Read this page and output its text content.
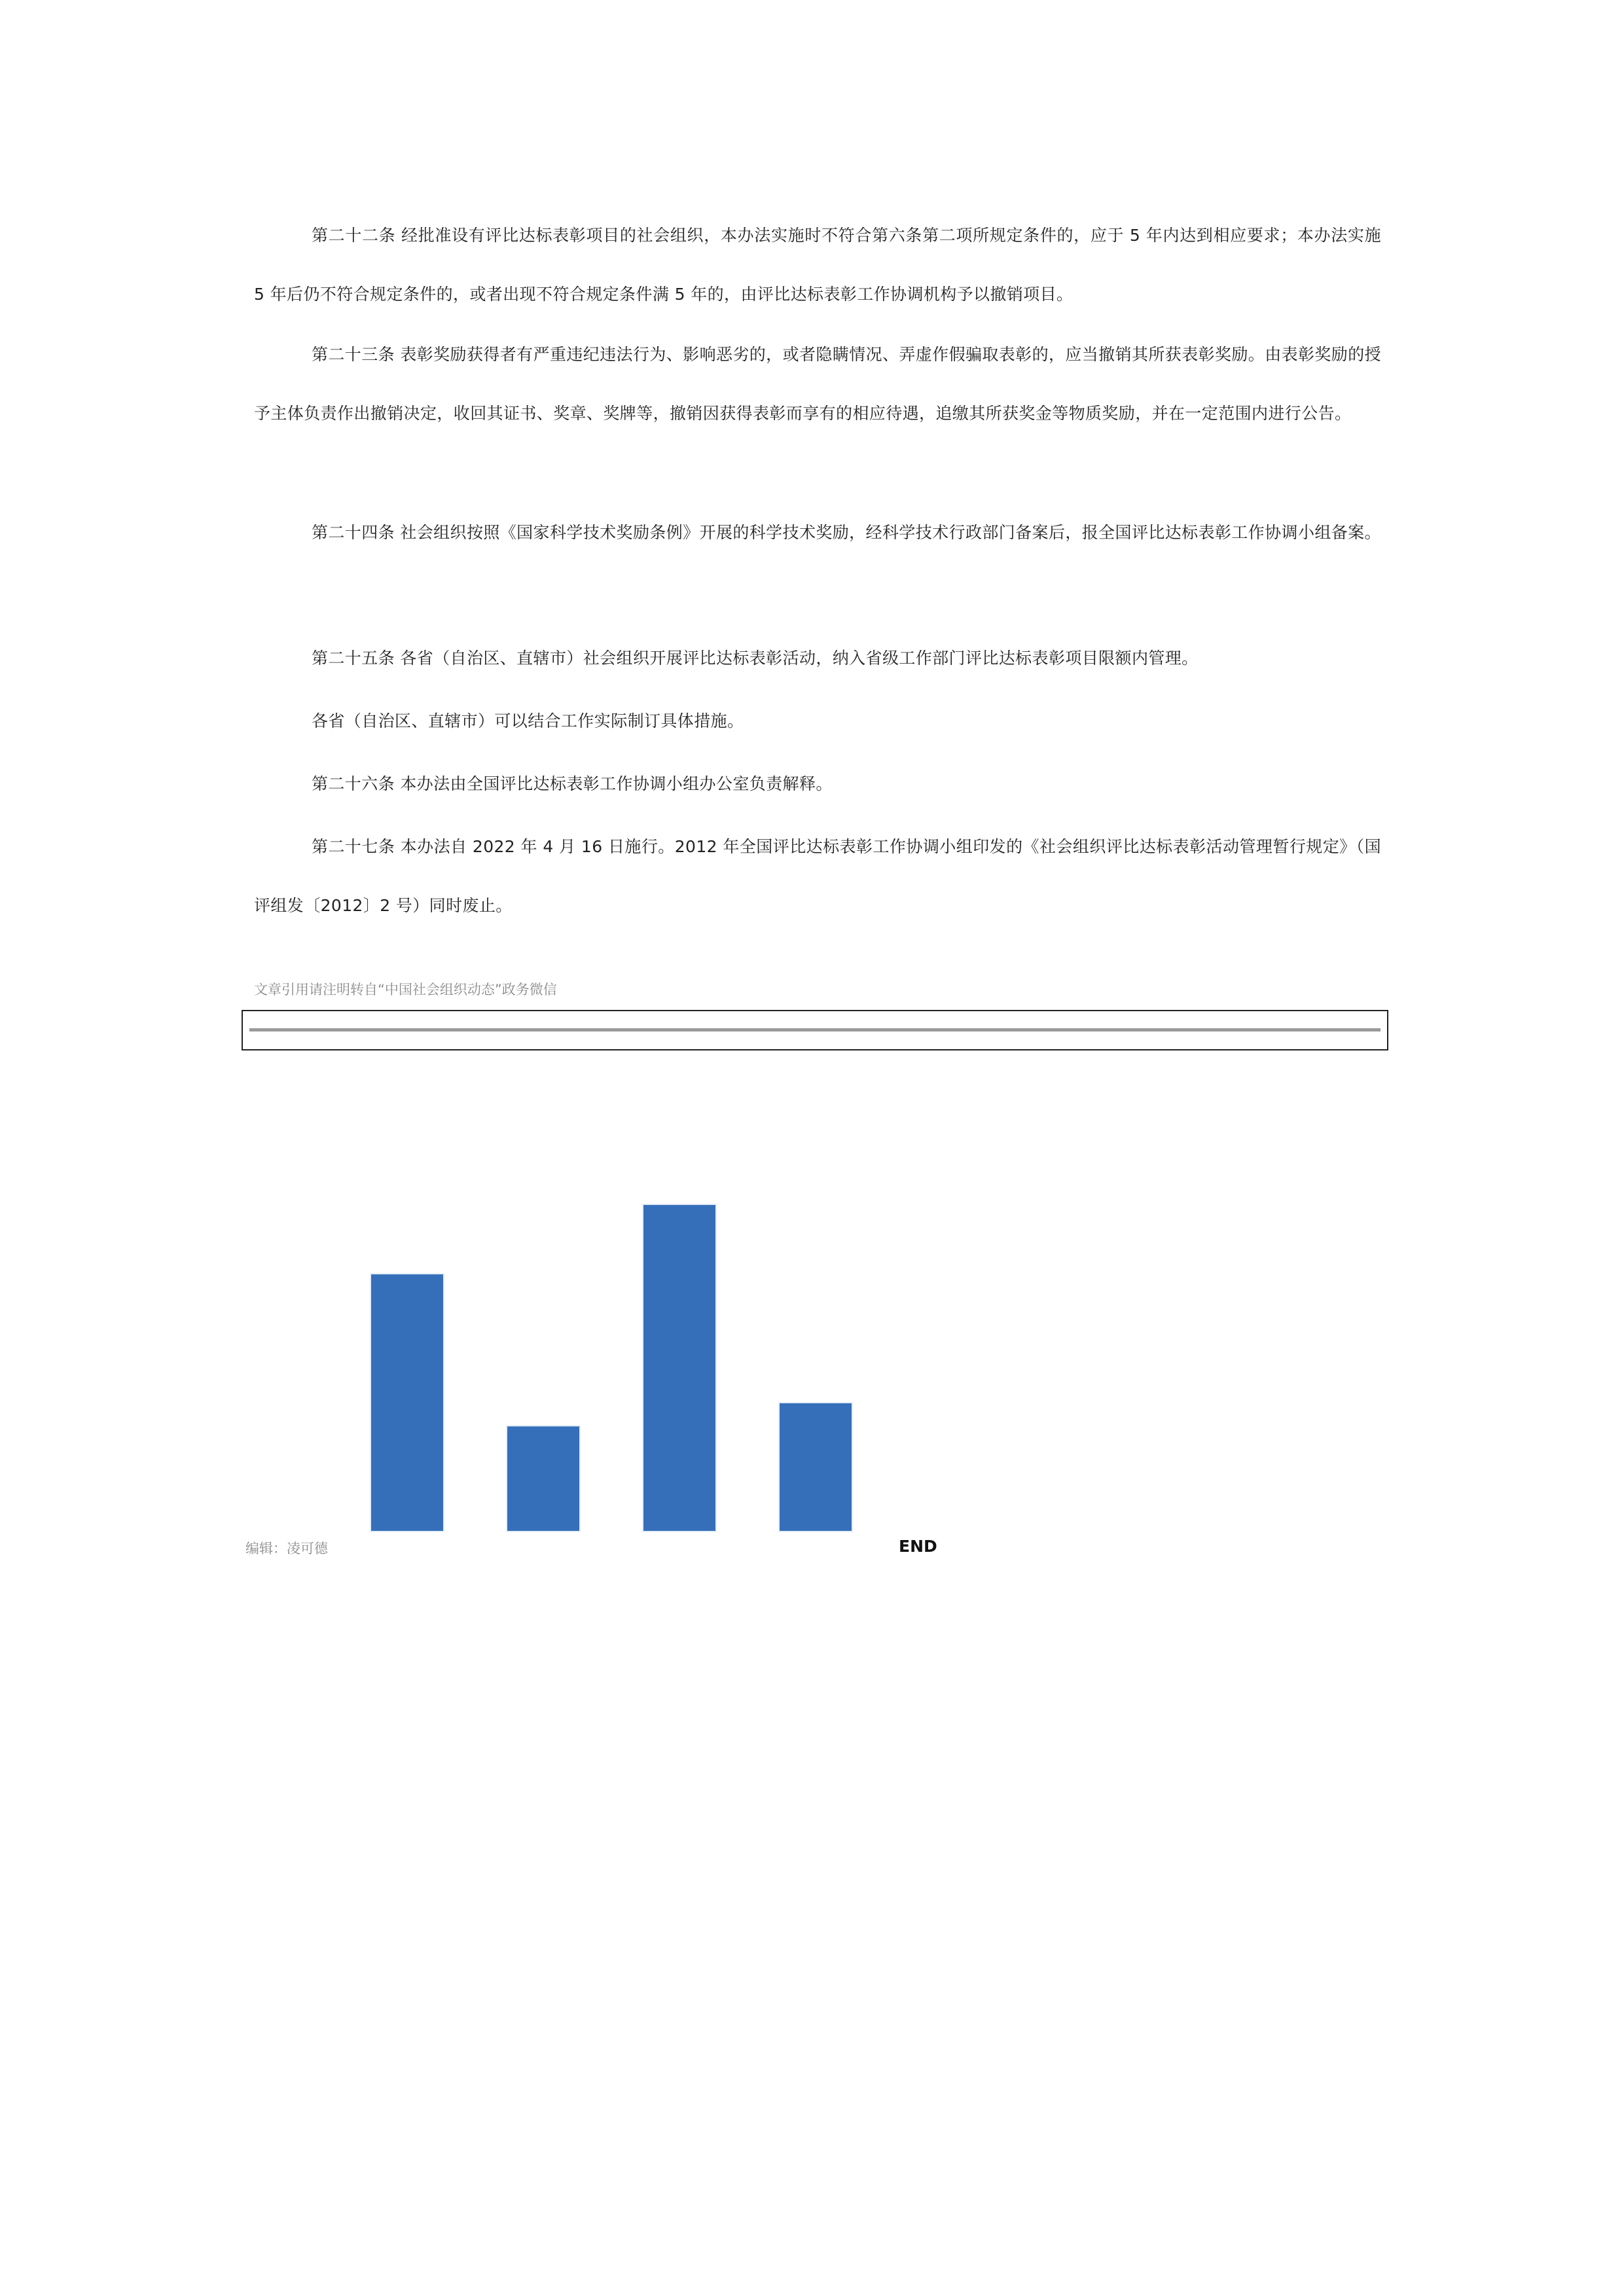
第二十二条 经批准设有评比达标表彰项目的社会组织，本办法实施时不符合第六条第二项所规定条件的，应于 5 年内达到相应要求；本办法实施 5 年后仍不符合规定条件的，或者出现不符合规定条件满 5 年的，由评比达标表彰工作协调机构予以撤销项目。

第二十三条 表彰奖励获得者有严重违纪违法行为、影响恶劣的，或者隐瞒情况、弄虚作假骗取表彰的，应当撤销其所获表彰奖励。由表彰奖励的授予主体负责作出撤销决定，收回其证书、奖章、奖牌等，撤销因获得表彰而享有的相应待遇，追缴其所获奖金等物质奖励，并在一定范围内进行公告。

第二十四条 社会组织按照《国家科学技术奖励条例》开展的科学技术奖励，经科学技术行政部门备案后，报全国评比达标表彰工作协调小组备案。

第二十五条 各省（自治区、直辖市）社会组织开展评比达标表彰活动，纳入省级工作部门评比达标表彰项目限额内管理。

各省（自治区、直辖市）可以结合工作实际制订具体措施。

第二十六条 本办法由全国评比达标表彰工作协调小组办公室负责解释。

第二十七条 本办法自 2022 年 4 月 16 日施行。2012 年全国评比达标表彰工作协调小组印发的《社会组织评比达标表彰活动管理暂行规定》（国评组发〔2012〕2 号）同时废止。

文章引用请注明转自“中国社会组织动态”政务微信

编辑：凌可德	END
